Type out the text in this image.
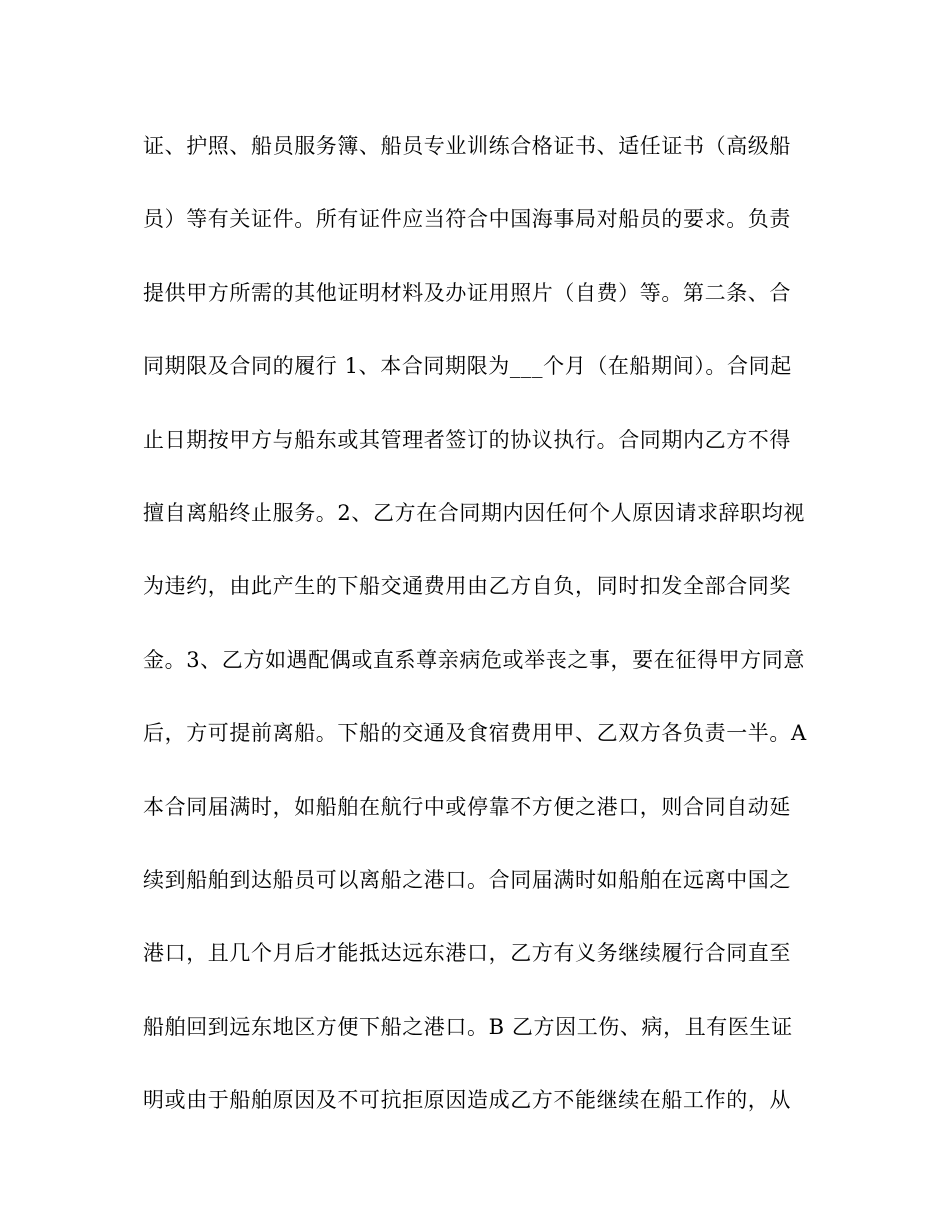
证、护照、船员服务簿、船员专业训练合格证书、适任证书（高级船
员）等有关证件。所有证件应当符合中国海事局对船员的要求。负责
提供甲方所需的其他证明材料及办证用照片（自费）等。第二条、合
同期限及合同的履行 1、本合同期限为___个月（在船期间）。合同起
止日期按甲方与船东或其管理者签订的协议执行。合同期内乙方不得
擅自离船终止服务。2、乙方在合同期内因任何个人原因请求辞职均视
为违约，由此产生的下船交通费用由乙方自负，同时扣发全部合同奖
金。3、乙方如遇配偶或直系尊亲病危或举丧之事，要在征得甲方同意
后，方可提前离船。下船的交通及食宿费用甲、乙双方各负责一半。A
本合同届满时，如船舶在航行中或停靠不方便之港口，则合同自动延
续到船舶到达船员可以离船之港口。合同届满时如船舶在远离中国之
港口，且几个月后才能抵达远东港口，乙方有义务继续履行合同直至
船舶回到远东地区方便下船之港口。B 乙方因工伤、病，且有医生证
明或由于船舶原因及不可抗拒原因造成乙方不能继续在船工作的，从
